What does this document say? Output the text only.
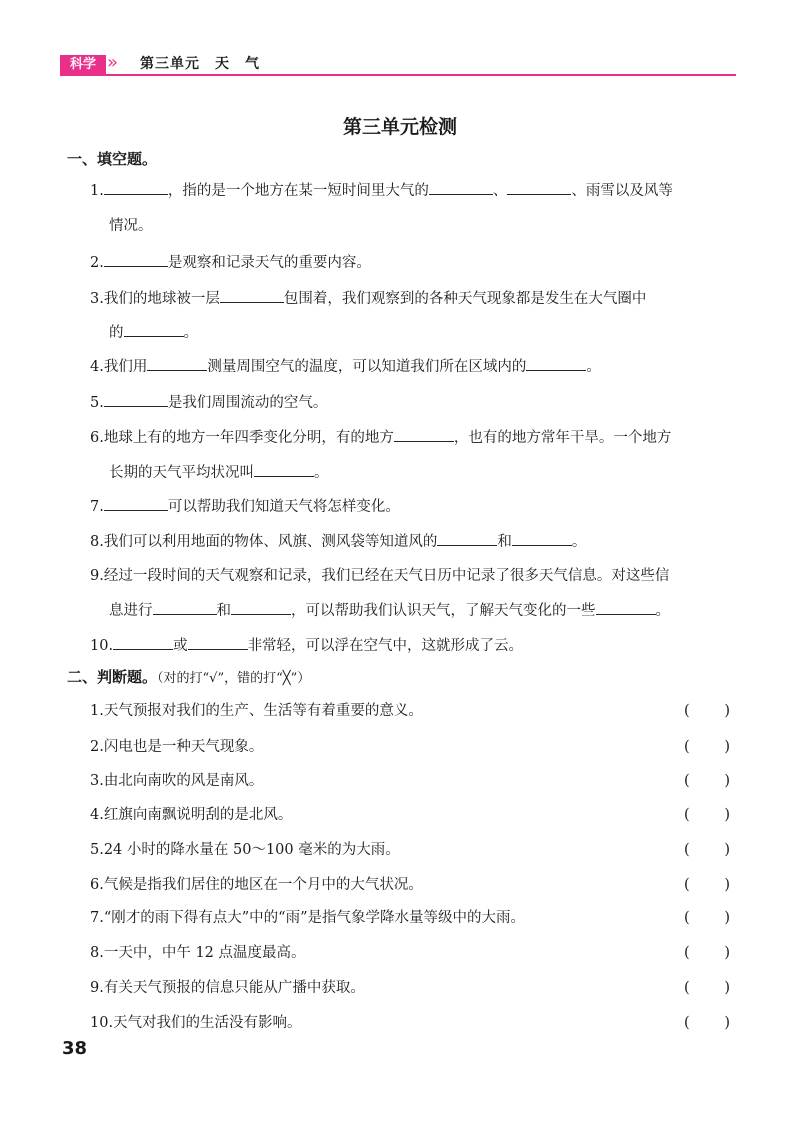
科学 » 第三单元　天　气
第三单元检测
一、填空题。
1.	，指的是一个地方在某一短时间里大气的	、	、雨雪以及风等
情况。
2.	是观察和记录天气的重要内容。
3.我们的地球被一层	包围着，我们观察到的各种天气现象都是发生在大气圈中
的	。
4.我们用	测量周围空气的温度，可以知道我们所在区域内的	。
5.	是我们周围流动的空气。
6.地球上有的地方一年四季变化分明，有的地方	，也有的地方常年干旱。一个地方
长期的天气平均状况叫	。
7.	可以帮助我们知道天气将怎样变化。
8.我们可以利用地面的物体、风旗、测风袋等知道风的	和	。
9.经过一段时间的天气观察和记录，我们已经在天气日历中记录了很多天气信息。对这些信
息进行	和	，可以帮助我们认识天气，了解天气变化的一些	。
10.	或	非常轻，可以浮在空气中，这就形成了云。
二、判断题。（对的打“√”，错的打“╳”）
1.天气预报对我们的生产、生活等有着重要的意义。	( )
2.闪电也是一种天气现象。	( )
3.由北向南吹的风是南风。	( )
4.红旗向南飘说明刮的是北风。	( )
5.24 小时的降水量在 50～100 毫米的为大雨。	( )
6.气候是指我们居住的地区在一个月中的大气状况。	( )
7.“刚才的雨下得有点大”中的“雨”是指气象学降水量等级中的大雨。	( )
8.一天中，中午 12 点温度最高。	( )
9.有关天气预报的信息只能从广播中获取。	( )
10.天气对我们的生活没有影响。	( )
38
